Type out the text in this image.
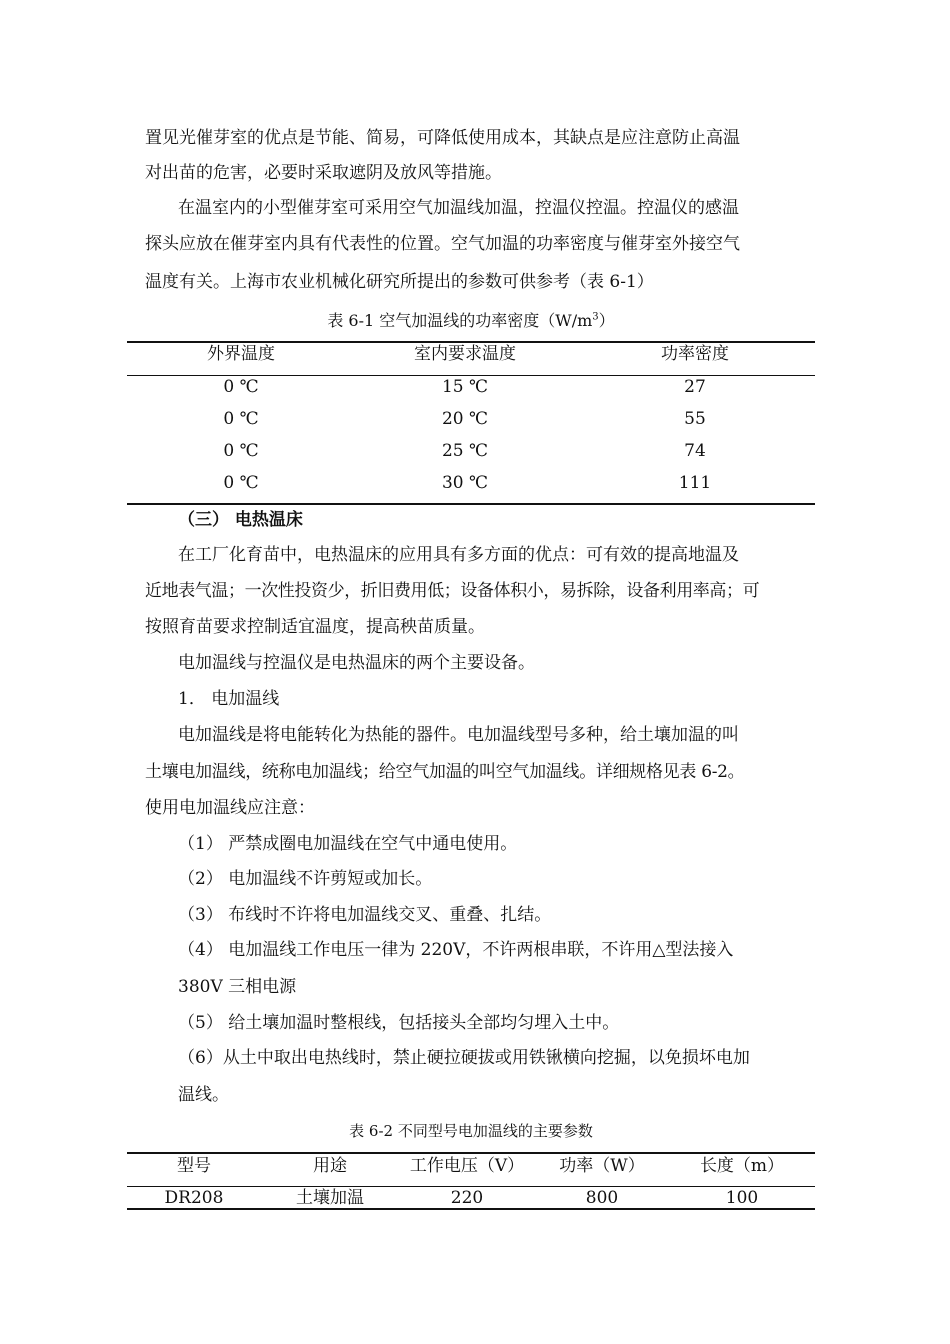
置见光催芽室的优点是节能、简易，可降低使用成本，其缺点是应注意防止高温

对出苗的危害，必要时采取遮阴及放风等措施。

在温室内的小型催芽室可采用空气加温线加温，控温仪控温。控温仪的感温

探头应放在催芽室内具有代表性的位置。空气加温的功率密度与催芽室外接空气

温度有关。上海市农业机械化研究所提出的参数可供参考（表 6-1）

表 6-1 空气加温线的功率密度$(W/m^3)$

外界温度	室内要求温度	功率密度
0 ℃	15 ℃	27
0 ℃	20 ℃	55
0 ℃	25 ℃	74
0 ℃	30 ℃	111

（三） 电热温床

在工厂化育苗中，电热温床的应用具有多方面的优点：可有效的提高地温及

近地表气温；一次性投资少，折旧费用低；设备体积小，易拆除，设备利用率高；可

按照育苗要求控制适宜温度，提高秧苗质量。

电加温线与控温仪是电热温床的两个主要设备。

1． 电加温线

电加温线是将电能转化为热能的器件。电加温线型号多种，给土壤加温的叫

土壤电加温线，统称电加温线；给空气加温的叫空气加温线。详细规格见表 6-2。

使用电加温线应注意：

（1） 严禁成圈电加温线在空气中通电使用。

（2） 电加温线不许剪短或加长。

（3） 布线时不许将电加温线交叉、重叠、扎结。

（4） 电加温线工作电压一律为 220V，不许两根串联，不许用△型法接入

380V 三相电源

（5） 给土壤加温时整根线，包括接头全部均匀埋入土中。

（6）从土中取出电热线时，禁止硬拉硬拔或用铁锹横向挖掘，以免损坏电加

温线。

表 6-2 不同型号电加温线的主要参数

型号	用途	工作电压（V）	功率（W）	长度（m）
DR208	土壤加温	220	800	100
